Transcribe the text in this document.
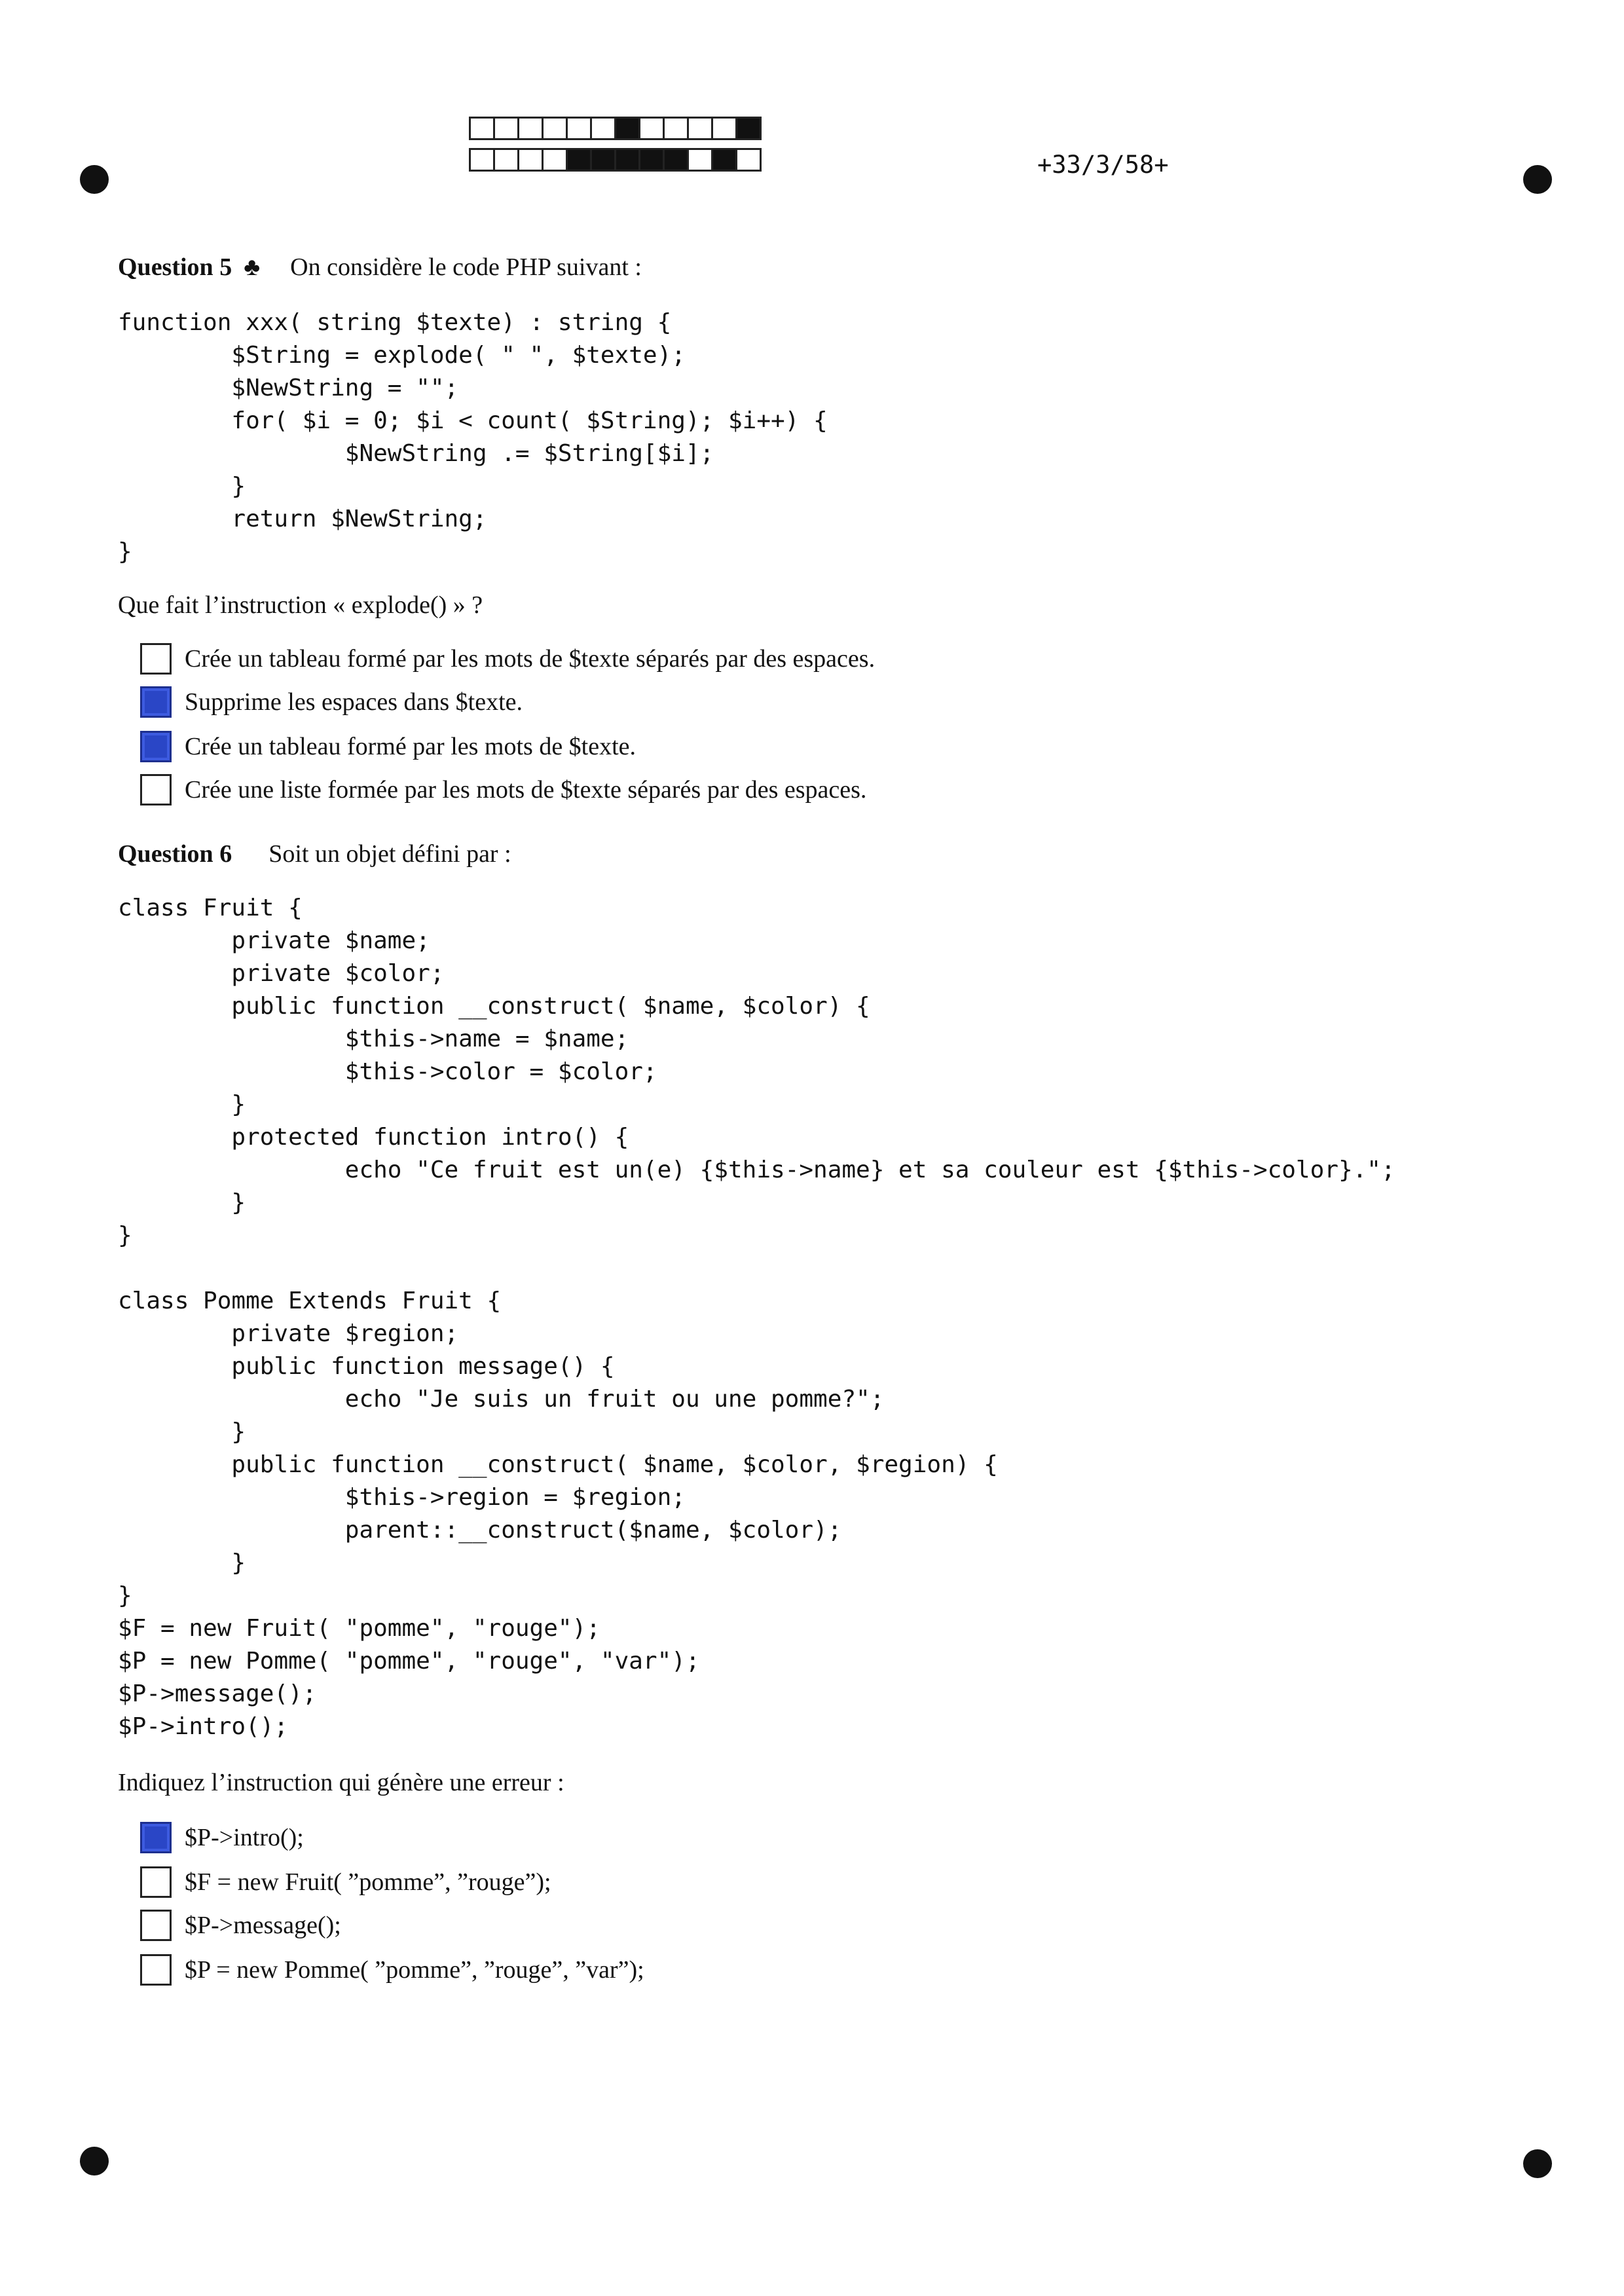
+33/3/58+
Question 5 ♣ On considère le code PHP suivant :
function xxx( string $texte) : string {
$String = explode( " ", $texte);
$NewString = "";
for( $i = 0; $i < count( $String); $i++) {
$NewString .= $String[$i];
}
return $NewString;
}
Que fait l’instruction « explode() » ?
Crée un tableau formé par les mots de $texte séparés par des espaces.
Supprime les espaces dans $texte.
Crée un tableau formé par les mots de $texte.
Crée une liste formée par les mots de $texte séparés par des espaces.
Question 6 Soit un objet défini par :
class Fruit {
private $name;
private $color;
public function __construct( $name, $color) {
$this->name = $name;
$this->color = $color;
}
protected function intro() {
echo "Ce fruit est un(e) {$this->name} et sa couleur est {$this->color}.";
}
}

class Pomme Extends Fruit {
private $region;
public function message() {
echo "Je suis un fruit ou une pomme?";
}
public function __construct( $name, $color, $region) {
$this->region = $region;
parent::__construct($name, $color);
}
}
$F = new Fruit( "pomme", "rouge");
$P = new Pomme( "pomme", "rouge", "var");
$P->message();
$P->intro();
Indiquez l’instruction qui génère une erreur :
$P->intro();
$F = new Fruit( ”pomme”, ”rouge”);
$P->message();
$P = new Pomme( ”pomme”, ”rouge”, ”var”);
